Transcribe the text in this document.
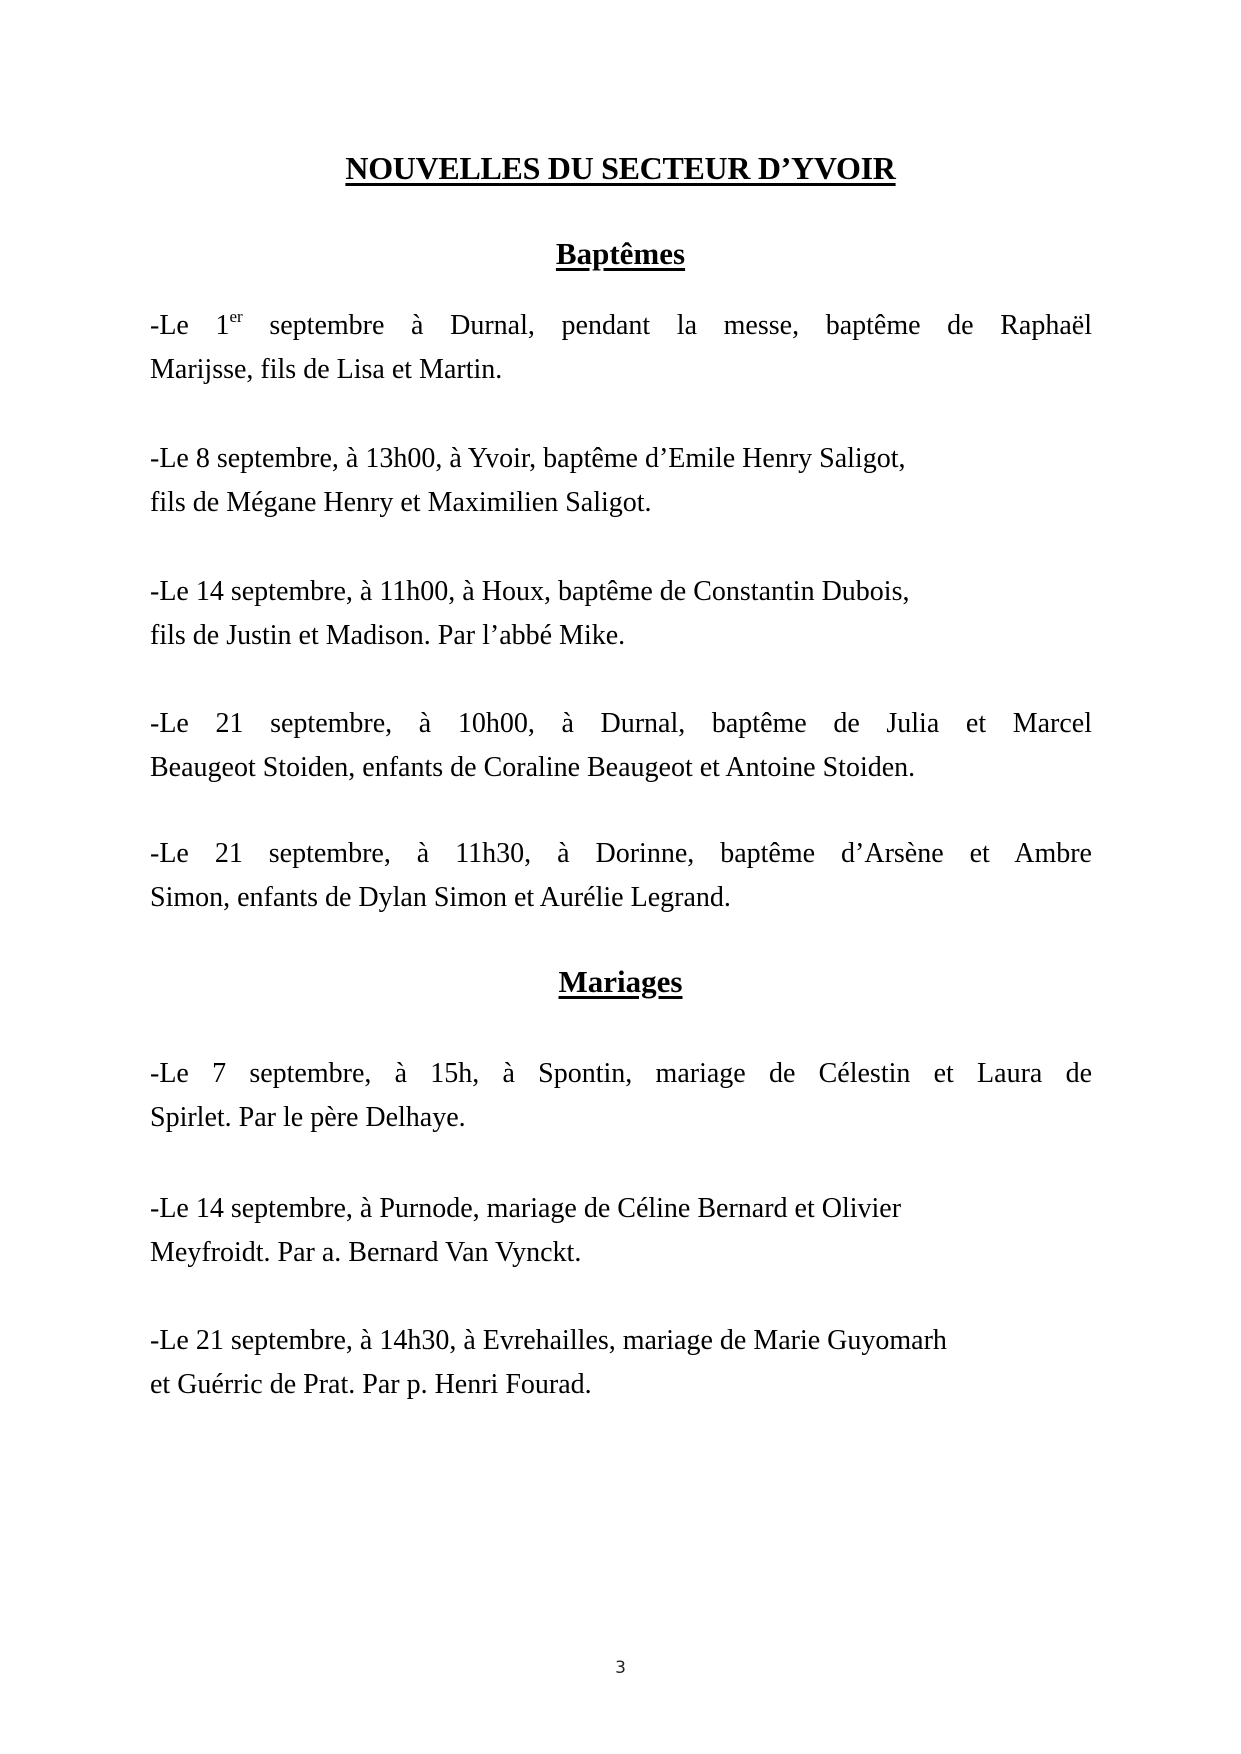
NOUVELLES DU SECTEUR D’YVOIR
Baptêmes
-Le 1er septembre à Durnal, pendant la messe, baptême de Raphaël
Marijsse, fils de Lisa et Martin.
-Le 8 septembre, à 13h00, à Yvoir, baptême d’Emile Henry Saligot,
fils de Mégane Henry et Maximilien Saligot.
-Le 14 septembre, à 11h00, à Houx, baptême de Constantin Dubois,
fils de Justin et Madison. Par l’abbé Mike.
-Le 21 septembre, à 10h00, à Durnal, baptême de Julia et Marcel
Beaugeot Stoiden, enfants de Coraline Beaugeot et Antoine Stoiden.
-Le 21 septembre, à 11h30, à Dorinne, baptême d’Arsène et Ambre
Simon, enfants de Dylan Simon et Aurélie Legrand.
Mariages
-Le 7 septembre, à 15h, à Spontin, mariage de Célestin et Laura de
Spirlet. Par le père Delhaye.
-Le 14 septembre, à Purnode, mariage de Céline Bernard et Olivier
Meyfroidt. Par a. Bernard Van Vynckt.
-Le 21 septembre, à 14h30, à Evrehailles, mariage de Marie Guyomarh
et Guérric de Prat. Par p. Henri Fourad.
3
